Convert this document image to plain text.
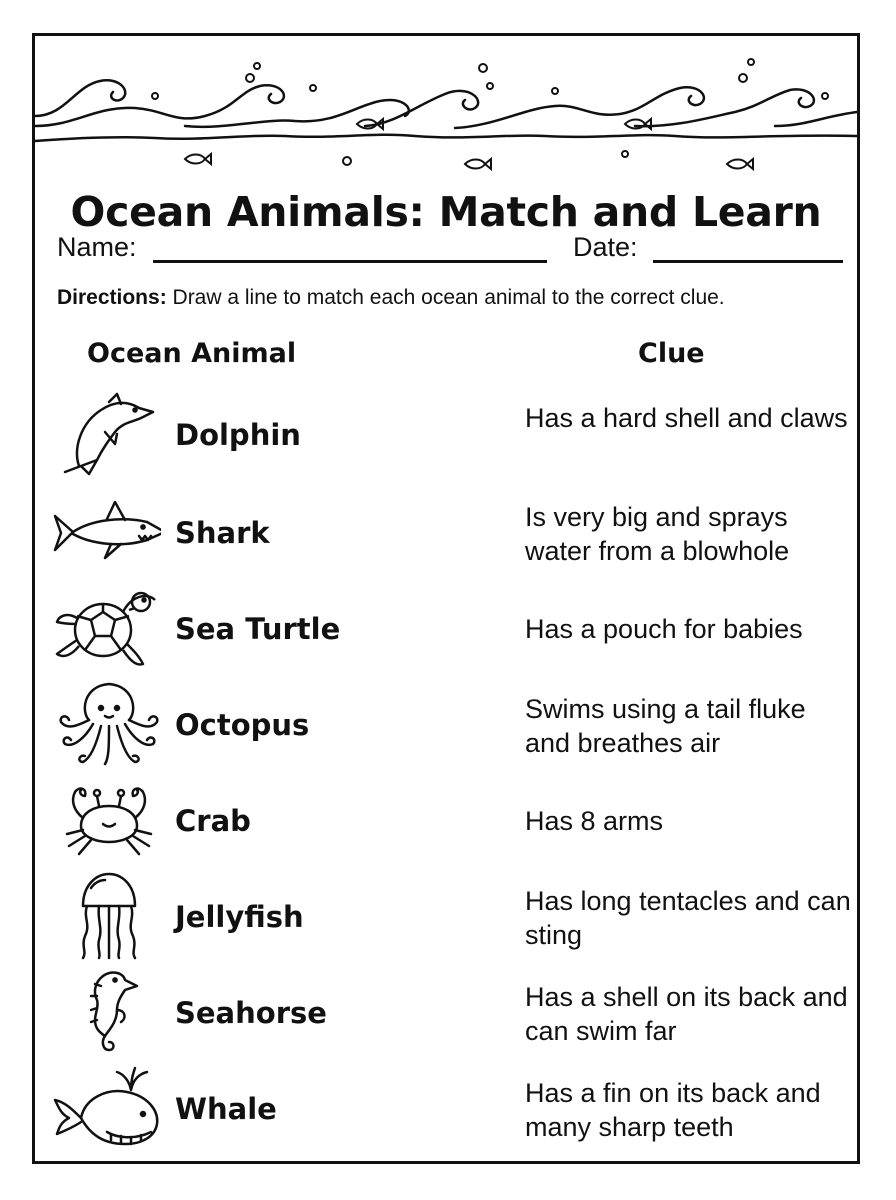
Ocean Animals: Match and Learn
Name:	Date:
Directions: Draw a line to match each ocean animal to the correct clue.
Ocean Animal	Clue
Dolphin	Has a hard shell and claws
Shark	Is very big and sprays water from a blowhole
Sea Turtle	Has a pouch for babies
Octopus	Swims using a tail fluke and breathes air
Crab	Has 8 arms
Jellyfish	Has long tentacles and can sting
Seahorse	Has a shell on its back and can swim far
Whale	Has a fin on its back and many sharp teeth
